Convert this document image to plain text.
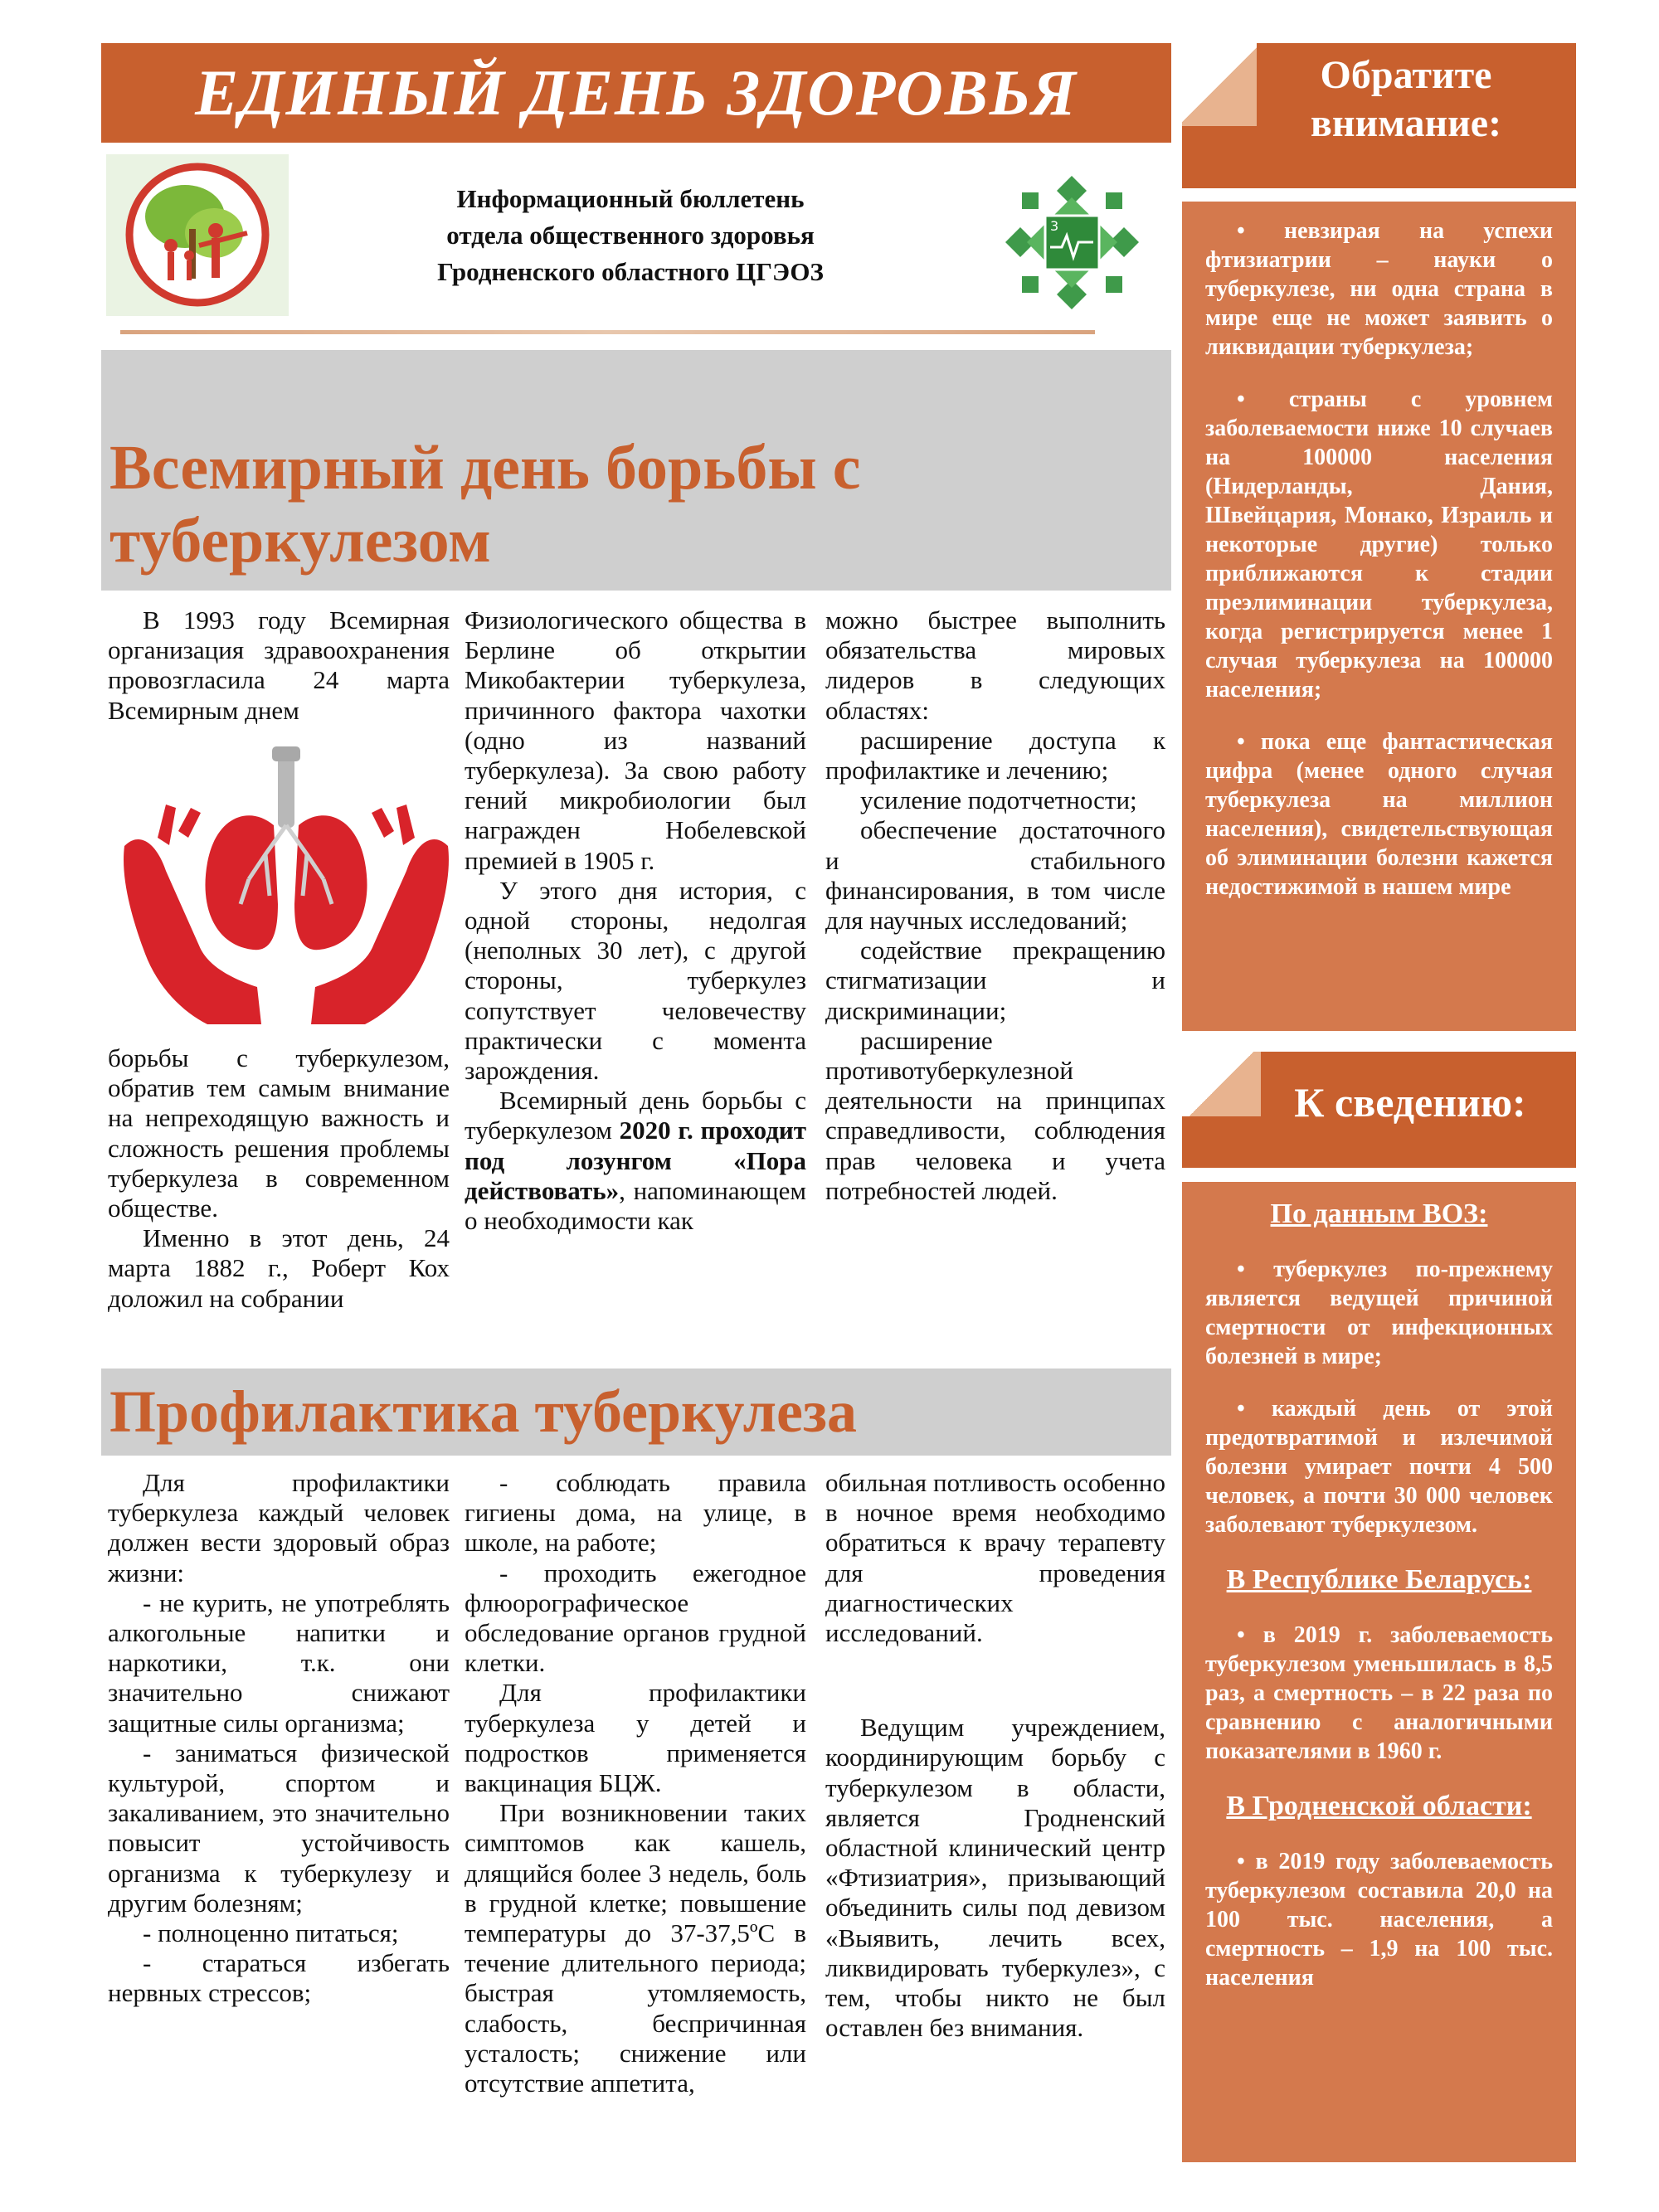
ЕДИНЫЙ ДЕНЬ ЗДОРОВЬЯ
Информационный бюллетень
отдела общественного здоровья
Гродненского областного ЦГЭОЗ
3
Всемирный день борьбы с туберкулезом

В 1993 году Всемирная организация здравоохранения провозгласила 24 марта Всемирным днем

борьбы с туберкулезом, обратив тем самым внимание на непреходящую важность и сложность решения проблемы туберкулеза в современном обществе.

Именно в этот день, 24 марта 1882 г., Роберт Кох доложил на собрании

Физиологического общества в Берлине об открытии Микобактерии туберкулеза, причинного фактора чахотки (одно из названий туберкулеза). За свою работу гений микробиологии был награжден Нобелевской премией в 1905 г.

У этого дня история, с одной стороны, недолгая (неполных 30 лет), с другой стороны, туберкулез сопутствует человечеству практически с момента зарождения.

Всемирный день борьбы с туберкулезом 2020 г. проходит под лозунгом «Пора действовать», напоминающем о необходимости как

можно быстрее выполнить обязательства мировых лидеров в следующих областях:

расширение доступа к профилактике и лечению;

усиление подотчетности;

обеспечение достаточного и стабильного финансирования, в том числе для научных исследований;

содействие прекращению стигматизации и дискриминации;

расширение противотуберкулезной деятельности на принципах справедливости, соблюдения прав человека и учета потребностей людей.

Профилактика туберкулеза

Для профилактики туберкулеза каждый человек должен вести здоровый образ жизни:

- не курить, не употреблять алкогольные напитки и наркотики, т.к. они значительно снижают защитные силы организма;

- заниматься физической культурой, спортом и закаливанием, это значительно повысит устойчивость организма к туберкулезу и другим болезням;

- полноценно питаться;

- стараться избегать нервных стрессов;

- соблюдать правила гигиены дома, на улице, в школе, на работе;

- проходить ежегодное флюорографическое обследование органов грудной клетки.

Для профилактики туберкулеза у детей и подростков применяется вакцинация БЦЖ.

При возникновении таких симптомов как кашель, длящийся более 3 недель, боль в грудной клетке; повышение температуры до 37-37,5ºС в течение длительного периода; быстрая утомляемость, слабость, беспричинная усталость; снижение или отсутствие аппетита,

обильная потливость особенно в ночное время необходимо обратиться к врачу терапевту для проведения диагностических исследований.

Ведущим учреждением, координирующим борьбу с туберкулезом в области, является Гродненский областной клинический центр «Фтизиатрия», призывающий объединить силы под девизом «Выявить, лечить всех, ликвидировать туберкулез», с тем, чтобы никто не был оставлен без внимания.

Обратите внимание:

• невзирая на успехи фтизиатрии – науки о туберкулезе, ни одна страна в мире еще не может заявить о ликвидации туберкулеза;

• страны с уровнем заболеваемости ниже 10 случаев на 100000 населения (Нидерланды, Дания, Швейцария, Монако, Израиль и некоторые другие) только приближаются к стадии преэлиминации туберкулеза, когда регистрируется менее 1 случая туберкулеза на 100000 населения;

• пока еще фантастическая цифра (менее одного случая туберкулеза на миллион населения), свидетельствующая об элиминации болезни кажется недостижимой в нашем мире

К сведению:

По данным ВОЗ:

• туберкулез по-прежнему является ведущей причиной смертности от инфекционных болезней в мире;

• каждый день от этой предотвратимой и излечимой болезни умирает почти 4 500 человек, а почти 30 000 человек заболевают туберкулезом.

В Республике Беларусь:

• в 2019 г. заболеваемость туберкулезом уменьшилась в 8,5 раз, а смертность – в 22 раза по сравнению с аналогичными показателями в 1960 г.

В Гродненской области:

• в 2019 году заболеваемость туберкулезом составила 20,0 на 100 тыс. населения, а смертность – 1,9 на 100 тыс. населения
